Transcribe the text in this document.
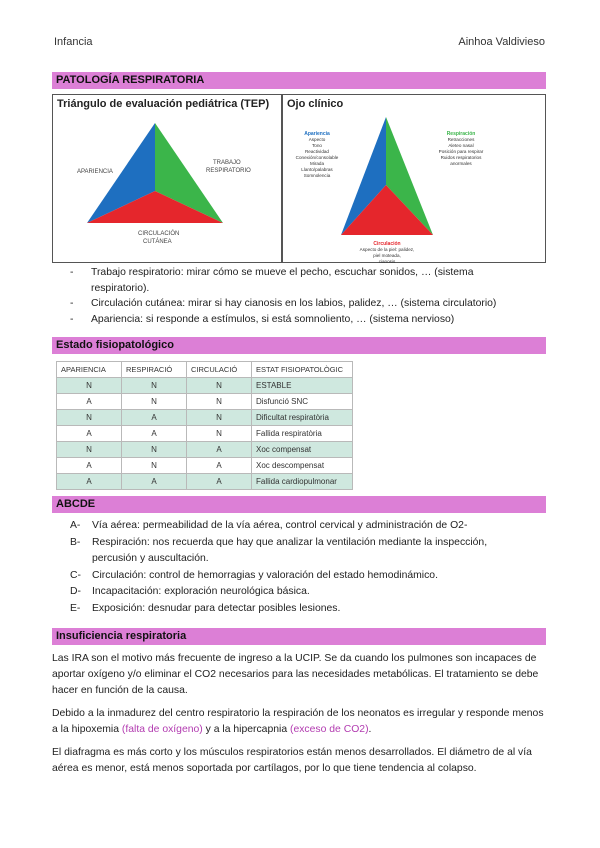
Infancia	Ainhoa Valdivieso
PATOLOGÍA RESPIRATORIA
Triángulo de evaluación pediátrica (TEP)
APARIENCIA
TRABAJO
RESPIRATORIO
CIRCULACIÓN
CUTÁNEA
Ojo clínico
Apariencia
Aspecto
Tono
Reactividad
Conexión/consolable
Mirada
Llanto/palabras
Somnolencia
Respiración
Retracciones
Aleteo nasal
Posición para respirar
Ruidos respiratorios
anormales
Circulación
Aspecto de la piel: palidez,
piel moteada,
cianosis
- Trabajo respiratorio: mirar cómo se mueve el pecho, escuchar sonidos, … (sistema respiratorio).
- Circulación cutánea: mirar si hay cianosis en los labios, palidez, … (sistema circulatorio)
- Apariencia: si responde a estímulos, si está somnoliento, … (sistema nervioso)
Estado fisiopatológico
APARIENCIA	RESPIRACIÓ	CIRCULACIÓ	ESTAT FISIOPATOLÒGIC
N	N	N	ESTABLE
A	N	N	Disfunció SNC
N	A	N	Dificultat respiratòria
A	A	N	Fallida respiratòria
N	N	A	Xoc compensat
A	N	A	Xoc descompensat
A	A	A	Fallida cardiopulmonar
ABCDE
A- Vía aérea: permeabilidad de la vía aérea, control cervical y administración de O2-
B- Respiración: nos recuerda que hay que analizar la ventilación mediante la inspección, percusión y auscultación.
C- Circulación: control de hemorragias y valoración del estado hemodinámico.
D- Incapacitación: exploración neurológica básica.
E- Exposición: desnudar para detectar posibles lesiones.
Insuficiencia respiratoria

Las IRA son el motivo más frecuente de ingreso a la UCIP. Se da cuando los pulmones son incapaces de aportar oxígeno y/o eliminar el CO2 necesarios para las necesidades metabólicas. El tratamiento se debe hacer en función de la causa.

Debido a la inmadurez del centro respiratorio la respiración de los neonatos es irregular y responde menos a la hipoxemia (falta de oxígeno) y a la hipercapnia (exceso de CO2).

El diafragma es más corto y los músculos respiratorios están menos desarrollados. El diámetro de al vía aérea es menor, está menos soportada por cartílagos, por lo que tiene tendencia al colapso.
